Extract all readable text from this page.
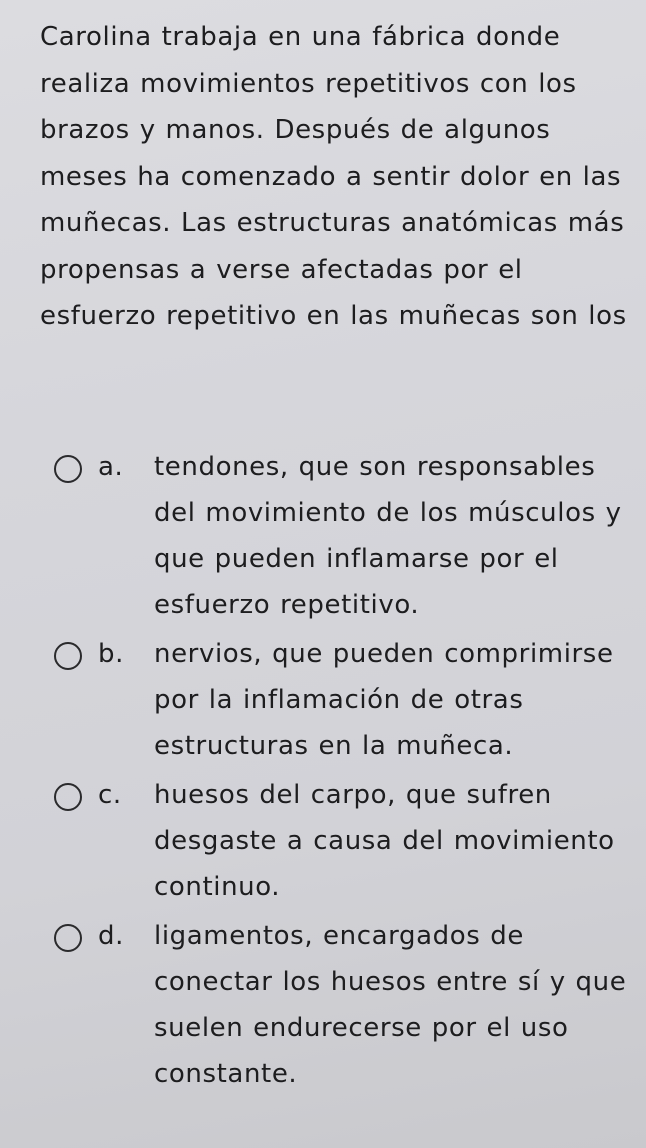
Carolina trabaja en una fábrica donde realiza movimientos repetitivos con los brazos y manos. Después de algunos meses ha comenzado a sentir dolor en las muñecas. Las estructuras anatómicas más propensas a verse afectadas por el esfuerzo repetitivo en las muñecas son los

a.	tendones, que son responsables del movimiento de los músculos y que pueden inflamarse por el esfuerzo repetitivo.
b.	nervios, que pueden comprimirse por la inflamación de otras estructuras en la muñeca.
c.	huesos del carpo, que sufren desgaste a causa del movimiento continuo.
d.	ligamentos, encargados de conectar los huesos entre sí y que suelen endurecerse por el uso constante.
